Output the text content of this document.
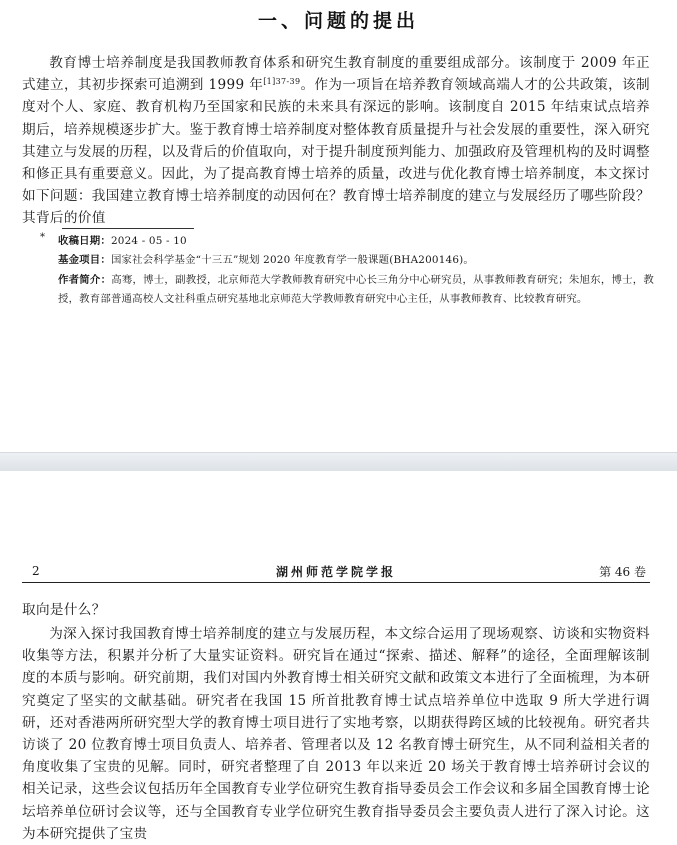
一、问题的提出

教育博士培养制度是我国教师教育体系和研究生教育制度的重要组成部分。该制度于 2009 年正式建立，其初步探索可追溯到 1999 年$^{[1]37-39}$。作为一项旨在培养教育领域高端人才的公共政策，该制度对个人、家庭、教育机构乃至国家和民族的未来具有深远的影响。该制度自 2015 年结束试点培养期后，培养规模逐步扩大。鉴于教育博士培养制度对整体教育质量提升与社会发展的重要性，深入研究其建立与发展的历程，以及背后的价值取向，对于提升制度预判能力、加强政府及管理机构的及时调整和修正具有重要意义。因此，为了提高教育博士培养的质量，改进与优化教育博士培养制度，本文探讨如下问题：我国建立教育博士培养制度的动因何在？教育博士培养制度的建立与发展经历了哪些阶段？其背后的价值

* 收稿日期：2024 - 05 - 10

基金项目：国家社会科学基金“十三五”规划 2020 年度教育学一般课题(BHA200146)。

作者简介：高骞，博士，副教授，北京师范大学教师教育研究中心长三角分中心研究员，从事教师教育研究；朱旭东，博士，教授，教育部普通高校人文社科重点研究基地北京师范大学教师教育研究中心主任，从事教师教育、比较教育研究。

2	湖州师范学院学报	第 46 卷

取向是什么？

为深入探讨我国教育博士培养制度的建立与发展历程，本文综合运用了现场观察、访谈和实物资料收集等方法，积累并分析了大量实证资料。研究旨在通过“探索、描述、解释”的途径，全面理解该制度的本质与影响。研究前期，我们对国内外教育博士相关研究文献和政策文本进行了全面梳理，为本研究奠定了坚实的文献基础。研究者在我国 15 所首批教育博士试点培养单位中选取 9 所大学进行调研，还对香港两所研究型大学的教育博士项目进行了实地考察，以期获得跨区域的比较视角。研究者共访谈了 20 位教育博士项目负责人、培养者、管理者以及 12 名教育博士研究生，从不同利益相关者的角度收集了宝贵的见解。同时，研究者整理了自 2013 年以来近 20 场关于教育博士培养研讨会议的相关记录，这些会议包括历年全国教育专业学位研究生教育指导委员会工作会议和多届全国教育博士论坛培养单位研讨会议等，还与全国教育专业学位研究生教育指导委员会主要负责人进行了深入讨论。这为本研究提供了宝贵
